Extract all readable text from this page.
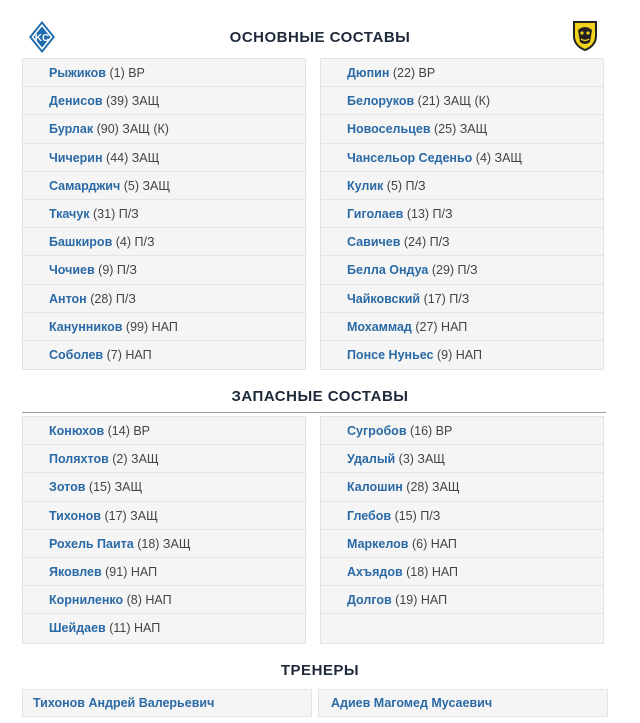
KC	ОСНОВНЫЕ СОСТАВЫ
Рыжиков (1) ВР
Денисов (39) ЗАЩ
Бурлак (90) ЗАЩ (К)
Чичерин (44) ЗАЩ
Самарджич (5) ЗАЩ
Ткачук (31) П/З
Башкиров (4) П/З
Чочиев (9) П/З
Антон (28) П/З
Канунников (99) НАП
Соболев (7) НАП
Дюпин (22) ВР
Белоруков (21) ЗАЩ (К)
Новосельцев (25) ЗАЩ
Чансельор Седеньо (4) ЗАЩ
Кулик (5) П/З
Гиголаев (13) П/З
Савичев (24) П/З
Белла Ондуа (29) П/З
Чайковский (17) П/З
Мохаммад (27) НАП
Понсе Нуньес (9) НАП
ЗАПАСНЫЕ СОСТАВЫ
Конюхов (14) ВР
Поляхтов (2) ЗАЩ
Зотов (15) ЗАЩ
Тихонов (17) ЗАЩ
Рохель Паита (18) ЗАЩ
Яковлев (91) НАП
Корниленко (8) НАП
Шейдаев (11) НАП
Сугробов (16) ВР
Удалый (3) ЗАЩ
Калошин (28) ЗАЩ
Глебов (15) П/З
Маркелов (6) НАП
Ахъядов (18) НАП
Долгов (19) НАП
ТРЕНЕРЫ
Тихонов Андрей Валерьевич	Адиев Магомед Мусаевич
